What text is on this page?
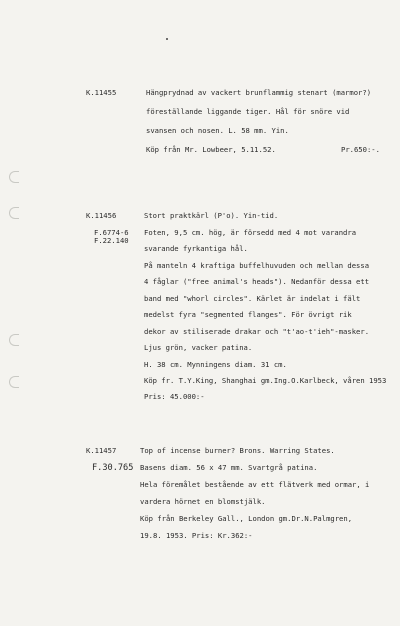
K.11455	Hängprydnad av vackert brunflammig stenart (marmor?)
föreställande liggande tiger. Hål för snöre vid
svansen och nosen. L. 58 mm. Yin.
Köp från Mr. Lowbeer, 5.11.52.	Pr.650:-.
K.11456
F.6774-6
F.22.140
Stort praktkärl (P'o). Yin-tid.
Foten, 9,5 cm. hög, är försedd med 4 mot varandra
svarande fyrkantiga hål.
På manteln 4 kraftiga buffelhuvuden och mellan dessa
4 fåglar ("free animal's heads"). Nedanför dessa ett
band med "whorl circles". Kärlet är indelat i fält
medelst fyra "segmented flanges". För övrigt rik
dekor av stiliserade drakar och "t'ao-t'ieh"-masker.
Ljus grön, vacker patina.
H. 38 cm. Mynningens diam. 31 cm.
Köp fr. T.Y.King, Shanghai gm.Ing.O.Karlbeck, våren 1953
Pris: 45.000:-
K.11457
F.30.765
Top of incense burner? Brons. Warring States.
Basens diam. 56 x 47 mm. Svartgrå patina.
Hela föremålet bestående av ett flätverk med ormar, i
vardera hörnet en blomstjälk.
Köp från Berkeley Gall., London gm.Dr.N.Palmgren,
19.8. 1953. Pris: Kr.362:-
